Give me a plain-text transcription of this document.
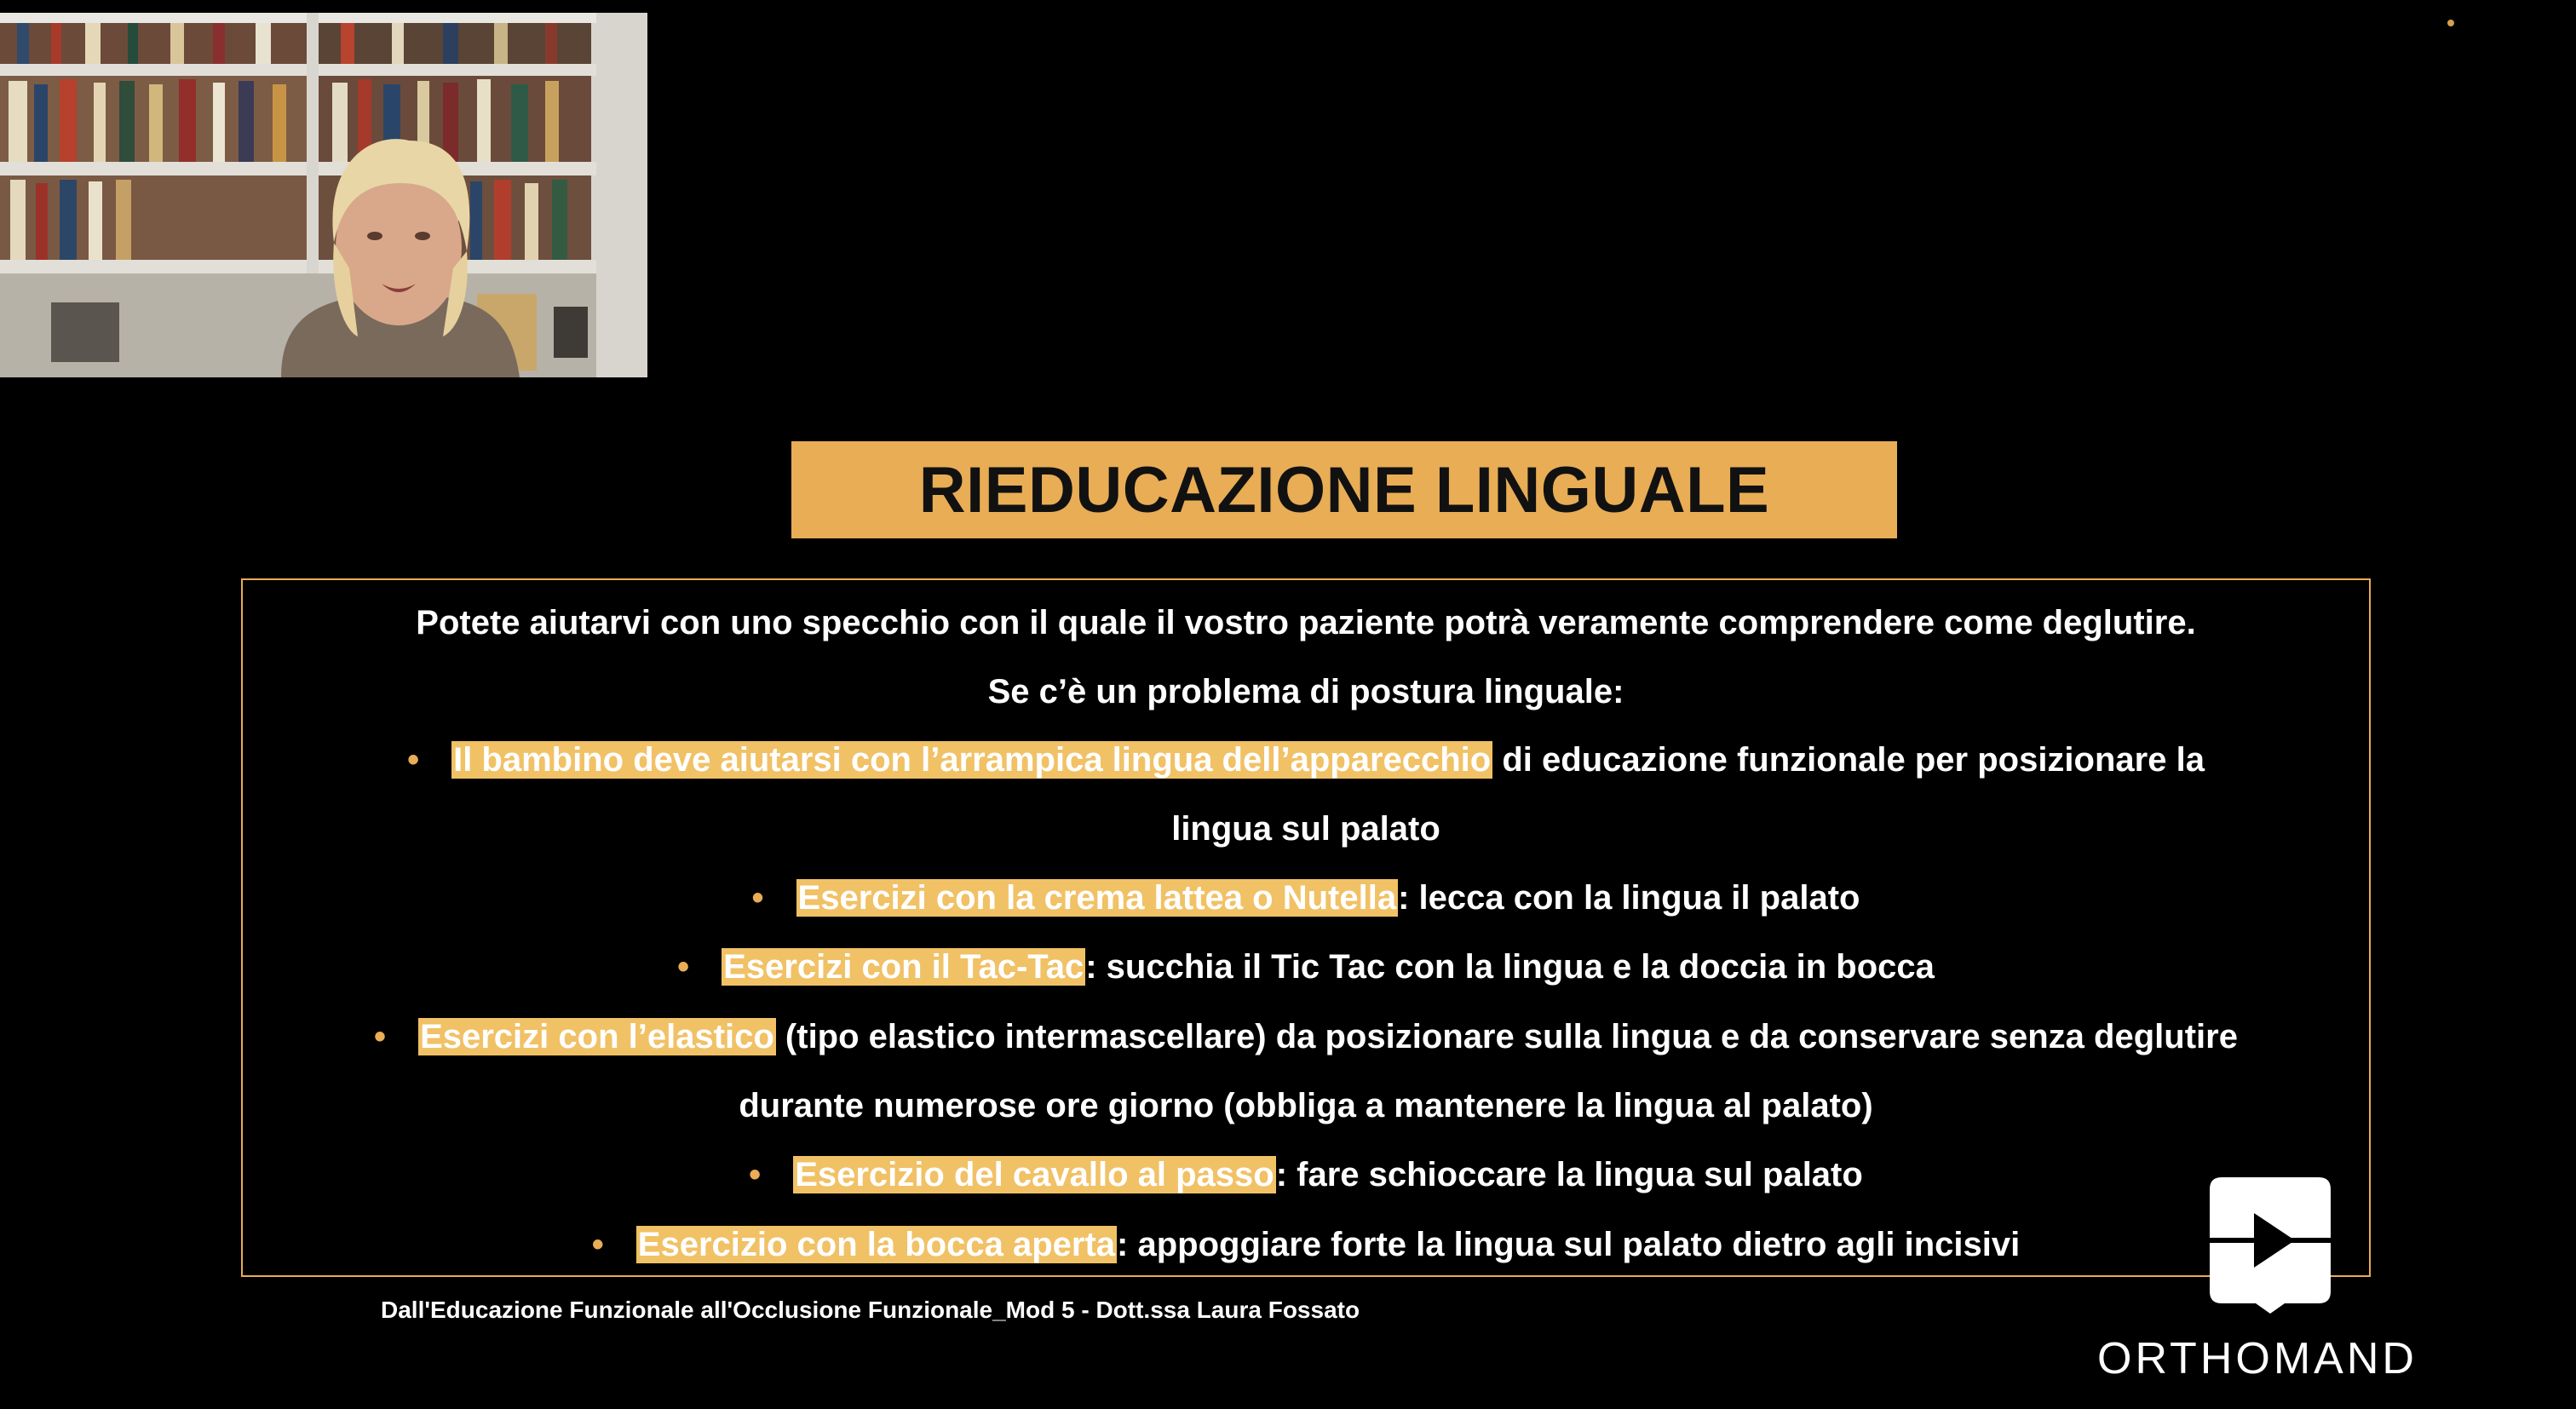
RIEDUCAZIONE LINGUALE
Potete aiutarvi con uno specchio con il quale il vostro paziente potrà veramente comprendere come deglutire.
Se c’è un problema di postura linguale:
• Il bambino deve aiutarsi con l’arrampica lingua dell’apparecchio di educazione funzionale per posizionare la
lingua sul palato
• Esercizi con la crema lattea o Nutella: lecca con la lingua il palato
• Esercizi con il Tac-Tac: succhia il Tic Tac con la lingua e la doccia in bocca
• Esercizi con l’elastico (tipo elastico intermascellare) da posizionare sulla lingua e da conservare senza deglutire
durante numerose ore giorno (obbliga a mantenere la lingua al palato)
• Esercizio del cavallo al passo: fare schioccare la lingua sul palato
• Esercizio con la bocca aperta: appoggiare forte la lingua sul palato dietro agli incisivi
Dall'Educazione Funzionale all'Occlusione Funzionale_Mod 5 - Dott.ssa Laura Fossato
ORTHOMAND
